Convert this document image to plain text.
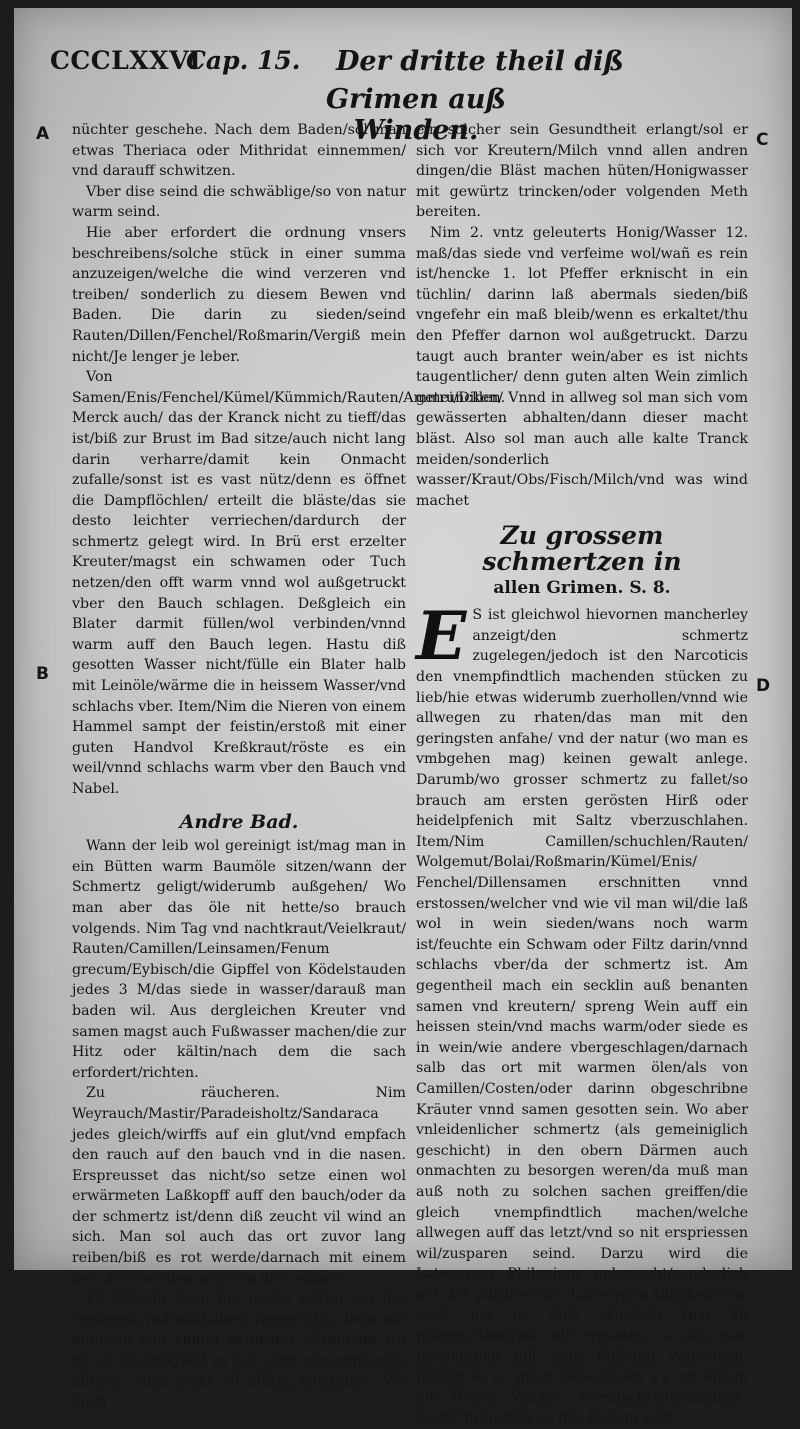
CCCLXXVI
Cap. 15. Der dritte theil diß
Grimen auß Winden.
A
B
C
D

nüchter geschehe. Nach dem Baden/sol man etwas Theriaca oder Mithridat einnemmen/ vnd darauff schwitzen.

Vber dise seind die schwäblige/so von natur warm seind.

Hie aber erfordert die ordnung vnsers beschreibens/solche stück in einer summa anzuzeigen/welche die wind verzeren vnd treiben/ sonderlich zu diesem Bewen vnd Baden. Die darin zu sieden/seind Rauten/Dillen/Fenchel/Roßmarin/Vergiß mein nicht/Je lenger je leber.

Von Samen/Enis/Fenchel/Kümel/Kümmich/Rauten/Ammei/Dillen. Merck auch/ das der Kranck nicht zu tieff/das ist/biß zur Brust im Bad sitze/auch nicht lang darin verharre/damit kein Onmacht zufalle/sonst ist es vast nütz/denn es öffnet die Dampflöchlen/ erteilt die bläste/das sie desto leichter verriechen/dardurch der schmertz gelegt wird. In Brü erst erzelter Kreuter/magst ein schwamen oder Tuch netzen/den offt warm vnnd wol außgetruckt vber den Bauch schlagen. Deßgleich ein Blater darmit füllen/wol verbinden/vnnd warm auff den Bauch legen. Hastu diß gesotten Wasser nicht/fülle ein Blater halb mit Leinöle/wärme die in heissem Wasser/vnd schlachs vber. Item/Nim die Nieren von einem Hammel sampt der feistin/erstoß mit einer guten Handvol Kreßkraut/röste es ein weil/vnnd schlachs warm vber den Bauch vnd Nabel.

Andre Bad.

Wann der leib wol gereinigt ist/mag man in ein Bütten warm Baumöle sitzen/wann der Schmertz geligt/widerumb außgehen/ Wo man aber das öle nit hette/so brauch volgends. Nim Tag vnd nachtkraut/Veielkraut/ Rauten/Camillen/Leinsamen/Fenum grecum/Eybisch/die Gipffel von Ködelstauden jedes 3 M/das siede in wasser/darauß man baden wil. Aus dergleichen Kreuter vnd samen magst auch Fußwasser machen/die zur Hitz oder kältin/nach dem die sach erfordert/richten.

Zu räucheren. Nim Weyrauch/Mastir/Paradeisholtz/Sandaraca jedes gleich/wirffs auf ein glut/vnd empfach den rauch auf den bauch vnd in die nasen. Erspreusset das nicht/so setze einen wol erwärmeten Laßkopff auff den bauch/oder da der schmertz ist/denn diß zeucht vil wind an sich. Man sol auch das ort zuvor lang reiben/biß es rot werde/darnach mit einem der obstehenden warmen ölen salben.

Es werden auch die bläste durch ein gut regiment vnd wolhalten verzert/das denn mit abbruch vnd vbung gefürdert wird/denn wo nit vil feuchtigkeit in leib wird genommen/da künden auch nicht vil bläste entstehen. Wo auch

ein solcher sein Gesundtheit erlangt/sol er sich vor Kreutern/Milch vnnd allen andren dingen/die Bläst machen hüten/Honigwasser mit gewürtz trincken/oder volgenden Meth bereiten.

Nim 2. vntz geleuterts Honig/Wasser 12. maß/das siede vnd verfeime wol/wañ es rein ist/hencke 1. lot Pfeffer erknischt in ein tüchlin/ darinn laß abermals sieden/biß vngefehr ein maß bleib/wenn es erkaltet/thu den Pfeffer darnon wol außgetruckt. Darzu taugt auch branter wein/aber es ist nichts taugentlicher/ denn guten alten Wein zimlich getruncken/ Vnnd in allweg sol man sich vom gewässerten abhalten/dann dieser macht bläst. Also sol man auch alle kalte Tranck meiden/sonderlich wasser/Kraut/Obs/Fisch/Milch/vnd was wind machet

Zu grossem schmertzen in
allen Grimen. S. 8.

E S ist gleichwol hievornen mancherley anzeigt/den schmertz zugelegen/jedoch ist den Narcoticis den vnempfindtlich machenden stücken zu lieb/hie etwas widerumb zuerhollen/vnnd wie allwegen zu rhaten/das man mit den geringsten anfahe/ vnd der natur (wo man es vmbgehen mag) keinen gewalt anlege. Darumb/wo grosser schmertz zu fallet/so brauch am ersten gerösten Hirß oder heidelpfenich mit Saltz vberzuschlahen. Item/Nim Camillen/schuchlen/Rauten/ Wolgemut/Bolai/Roßmarin/Kümel/Enis/ Fenchel/Dillensamen erschnitten vnnd erstossen/welcher vnd wie vil man wil/die laß wol in wein sieden/wans noch warm ist/feuchte ein Schwam oder Filtz darin/vnnd schlachs vber/da der schmertz ist. Am gegentheil mach ein secklin auß benanten samen vnd kreutern/ spreng Wein auff ein heissen stein/vnd machs warm/oder siede es in wein/wie andere vbergeschlagen/darnach salb das ort mit warmen ölen/als von Camillen/Costen/oder darinn obgeschribne Kräuter vnnd samen gesotten sein. Wo aber vnleidenlicher schmertz (als gemeiniglich geschicht) in den obern Därmen auch onmachten zu besorgen weren/da muß man auß noth zu solchen sachen greiffen/die gleich vnempfindtlich machen/welche allwegen auff das letzt/vnd so nit erspriessen wil/zusparen seind. Darzu wird die Latwergen Philonium gebraucht/sonderlich mit der purgirenden Latwergen Diaphenicon. Aber hie ist eins erfarnen rhat zu pflegen/dann(wie oft ermanet) so sol man bedachtlich mit dem Philonio vmbgehen. Jedoch so ist gnug desselbigen ʒ j mit einem lot Rosen Zucker vermischt/einzunemen. Andre brauchen an des Philoni statt
